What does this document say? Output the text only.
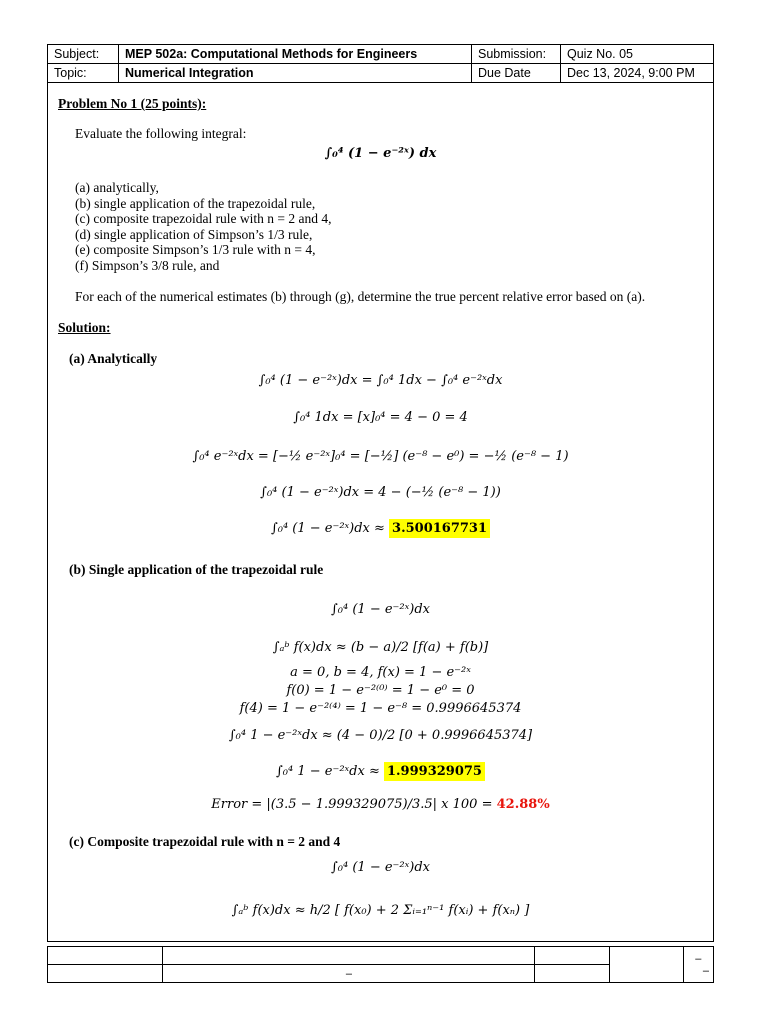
Subject:	MEP 502a: Computational Methods for Engineers	Submission:	Quiz No. 05
Topic:	Numerical Integration	Due Date	Dec 13, 2024, 9:00 PM
Problem No 1 (25 points):
Evaluate the following integral:
∫₀⁴ (1 − e⁻²ˣ) dx
(a) analytically,
(b) single application of the trapezoidal rule,
(c) composite trapezoidal rule with n = 2 and 4,
(d) single application of Simpson’s 1/3 rule,
(e) composite Simpson’s 1/3 rule with n = 4,
(f) Simpson’s 3/8 rule, and
For each of the numerical estimates (b) through (g), determine the true percent relative error based on (a).
Solution:
(a) Analytically
∫₀⁴ (1 − e⁻²ˣ)dx = ∫₀⁴ 1dx − ∫₀⁴ e⁻²ˣdx
∫₀⁴ 1dx = [x]₀⁴ = 4 − 0 = 4
∫₀⁴ e⁻²ˣdx = [−½ e⁻²ˣ]₀⁴ = [−½] (e⁻⁸ − e⁰) = −½ (e⁻⁸ − 1)
∫₀⁴ (1 − e⁻²ˣ)dx = 4 − (−½ (e⁻⁸ − 1))
∫₀⁴ (1 − e⁻²ˣ)dx ≈ 3.500167731
(b) Single application of the trapezoidal rule
∫₀⁴ (1 − e⁻²ˣ)dx
∫ₐᵇ f(x)dx ≈ (b − a)/2 [f(a) + f(b)]
a = 0, b = 4, f(x) = 1 − e⁻²ˣ
f(0) = 1 − e⁻²⁽⁰⁾ = 1 − e⁰ = 0
f(4) = 1 − e⁻²⁽⁴⁾ = 1 − e⁻⁸ = 0.9996645374
∫₀⁴ 1 − e⁻²ˣdx ≈ (4 − 0)/2 [0 + 0.9996645374]
∫₀⁴ 1 − e⁻²ˣdx ≈ 1.999329075
Error = |(3.5 − 1.999329075)/3.5| x 100 = 42.88%
(c) Composite trapezoidal rule with n = 2 and 4
∫₀⁴ (1 − e⁻²ˣ)dx
∫ₐᵇ f(x)dx ≈ h/2 [ f(x₀) + 2 Σᵢ₌₁ⁿ⁻¹ f(xᵢ) + f(xₙ) ]
				–     –
	–			
